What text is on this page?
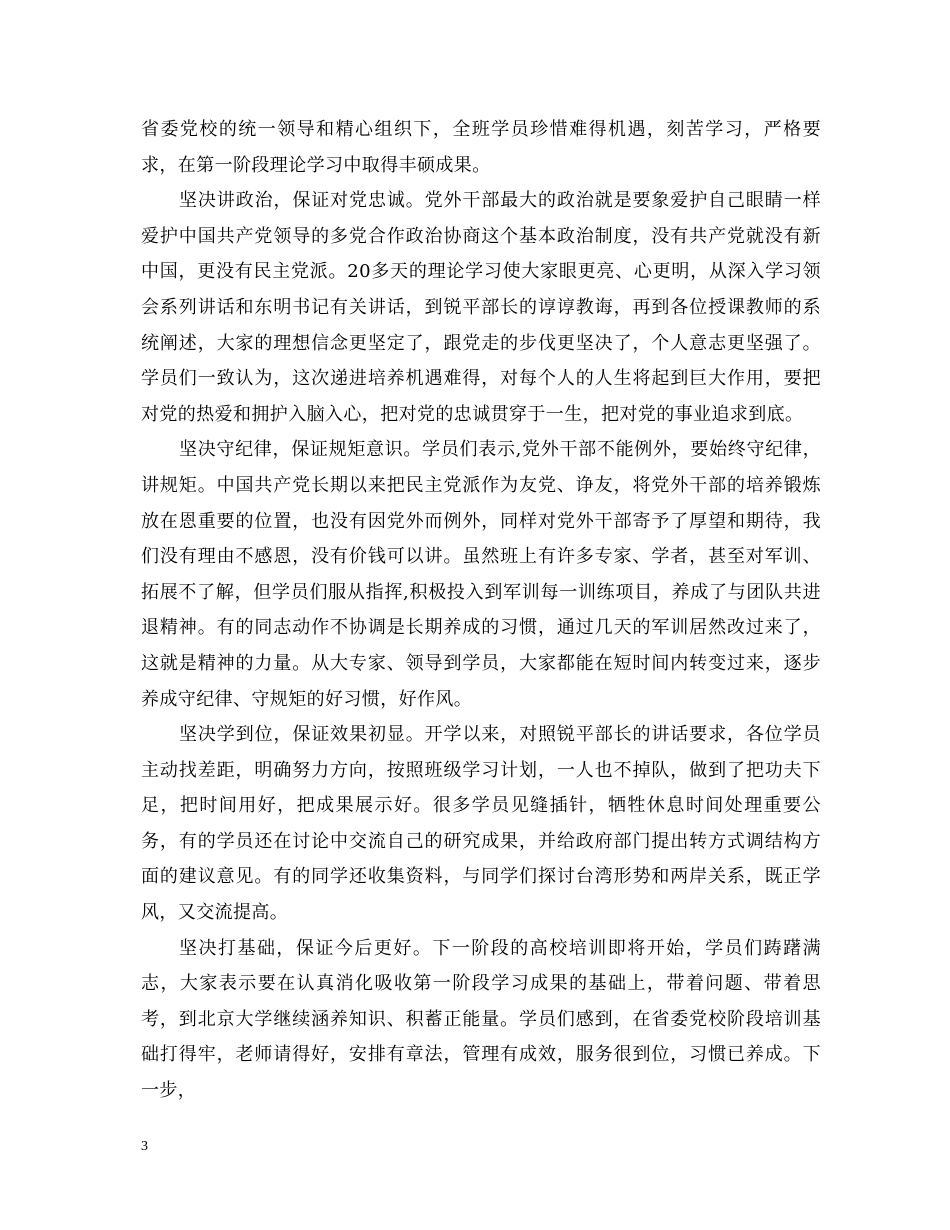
省委党校的统一领导和精心组织下，全班学员珍惜难得机遇，刻苦学习，严格要求，在第一阶段理论学习中取得丰硕成果。

坚决讲政治，保证对党忠诚。党外干部最大的政治就是要象爱护自己眼睛一样爱护中国共产党领导的多党合作政治协商这个基本政治制度，没有共产党就没有新中国，更没有民主党派。20多天的理论学习使大家眼更亮、心更明，从深入学习领会系列讲话和东明书记有关讲话，到锐平部长的谆谆教诲，再到各位授课教师的系统阐述，大家的理想信念更坚定了，跟党走的步伐更坚决了，个人意志更坚强了。学员们一致认为，这次递进培养机遇难得，对每个人的人生将起到巨大作用，要把对党的热爱和拥护入脑入心，把对党的忠诚贯穿于一生，把对党的事业追求到底。

坚决守纪律，保证规矩意识。学员们表示,党外干部不能例外，要始终守纪律，讲规矩。中国共产党长期以来把民主党派作为友党、诤友，将党外干部的培养锻炼放在恩重要的位置，也没有因党外而例外，同样对党外干部寄予了厚望和期待，我们没有理由不感恩，没有价钱可以讲。虽然班上有许多专家、学者，甚至对军训、拓展不了解，但学员们服从指挥,积极投入到军训每一训练项目，养成了与团队共进退精神。有的同志动作不协调是长期养成的习惯，通过几天的军训居然改过来了，这就是精神的力量。从大专家、领导到学员，大家都能在短时间内转变过来，逐步养成守纪律、守规矩的好习惯，好作风。

坚决学到位，保证效果初显。开学以来，对照锐平部长的讲话要求，各位学员主动找差距，明确努力方向，按照班级学习计划，一人也不掉队，做到了把功夫下足，把时间用好，把成果展示好。很多学员见缝插针，牺牲休息时间处理重要公务，有的学员还在讨论中交流自己的研究成果，并给政府部门提出转方式调结构方面的建议意见。有的同学还收集资料，与同学们探讨台湾形势和两岸关系，既正学风，又交流提高。

坚决打基础，保证今后更好。下一阶段的高校培训即将开始，学员们踌躇满志，大家表示要在认真消化吸收第一阶段学习成果的基础上，带着问题、带着思考，到北京大学继续涵养知识、积蓄正能量。学员们感到，在省委党校阶段培训基础打得牢，老师请得好，安排有章法，管理有成效，服务很到位，习惯已养成。下一步，

3
